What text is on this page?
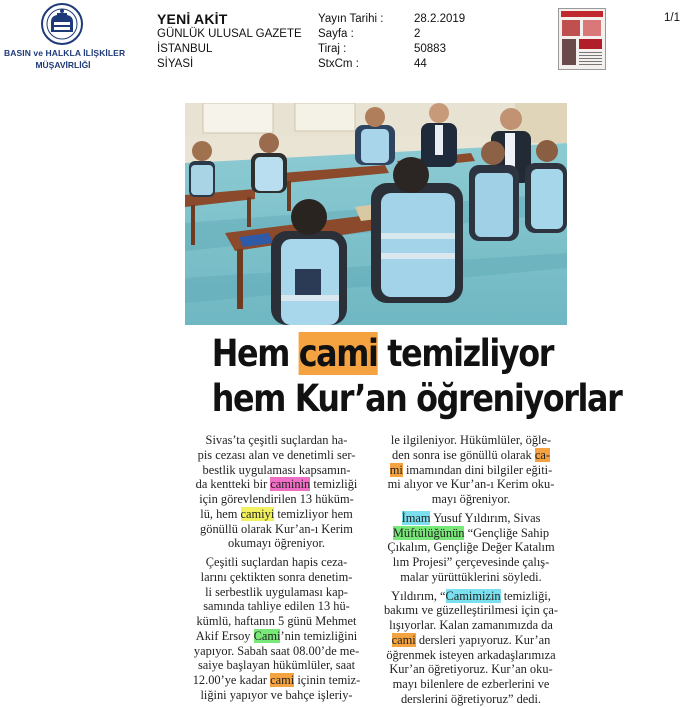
BASIN ve HALKLA İLİŞKİLER
MÜŞAVİRLİĞİ
YENİ AKİT
GÜNLÜK ULUSAL GAZETE
İSTANBUL
SİYASİ
Yayın Tarihi :	28.2.2019
Sayfa :	2
Tiraj :	50883
StxCm :	44
1/1
Hem cami temizliyor
hem Kur’an öğreniyorlar
Sivas’ta çeşitli suçlardan ha-
pis cezası alan ve denetimli ser-
bestlik uygulaması kapsamın-
da kentteki bir caminin temizliği
için görevlendirilen 13 hüküm-
lü, hem camiyi temizliyor hem
gönüllü olarak Kur’an-ı Kerim
okumayı öğreniyor.
Çeşitli suçlardan hapis ceza-
larını çektikten sonra denetim-
li serbestlik uygulaması kap-
samında tahliye edilen 13 hü-
kümlü, haftanın 5 günü Mehmet
Akif Ersoy Cami’nin temizliğini
yapıyor. Sabah saat 08.00’de me-
saiye başlayan hükümlüler, saat
12.00’ye kadar cami içinin temiz-
liğini yapıyor ve bahçe işleriy-
le ilgileniyor. Hükümlüler, öğle-
den sonra ise gönüllü olarak ca-
mi imamından dini bilgiler eğiti-
mi alıyor ve Kur’an-ı Kerim oku-
mayı öğreniyor.
İmam Yusuf Yıldırım, Sivas
Müftülüğünün “Gençliğe Sahip
Çıkalım, Gençliğe Değer Katalım
lım Projesi” çerçevesinde çalış-
malar yürüttüklerini söyledi.
Yıldırım, “Camimizin temizliği,
bakımı ve güzelleştirilmesi için ça-
lışıyorlar. Kalan zamanımızda da
cami dersleri yapıyoruz. Kur’an
öğrenmek isteyen arkadaşlarımıza
Kur’an öğretiyoruz. Kur’an oku-
mayı bilenlere de ezberlerini ve
derslerini öğretiyoruz” dedi.
